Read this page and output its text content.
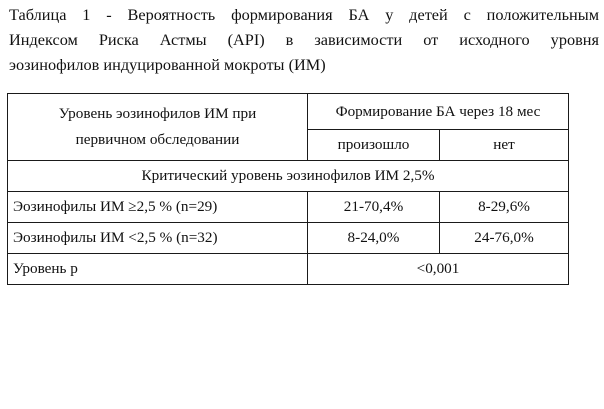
Таблица 1 - Вероятность формирования БА у детей с положительным
Индексом Риска Астмы (API) в зависимости от исходного уровня
эозинофилов индуцированной мокроты (ИМ)
Уровень эозинофилов ИМ при
первичном обследовании	Формирование БА через 18 мес	
	произошло	нет
Критический уровень эозинофилов ИМ 2,5%		
Эозинофилы ИМ ≥2,5 % (n=29)	21-70,4%	8-29,6%
Эозинофилы ИМ <2,5 % (n=32)	8-24,0%	24-76,0%
Уровень р	<0,001	
